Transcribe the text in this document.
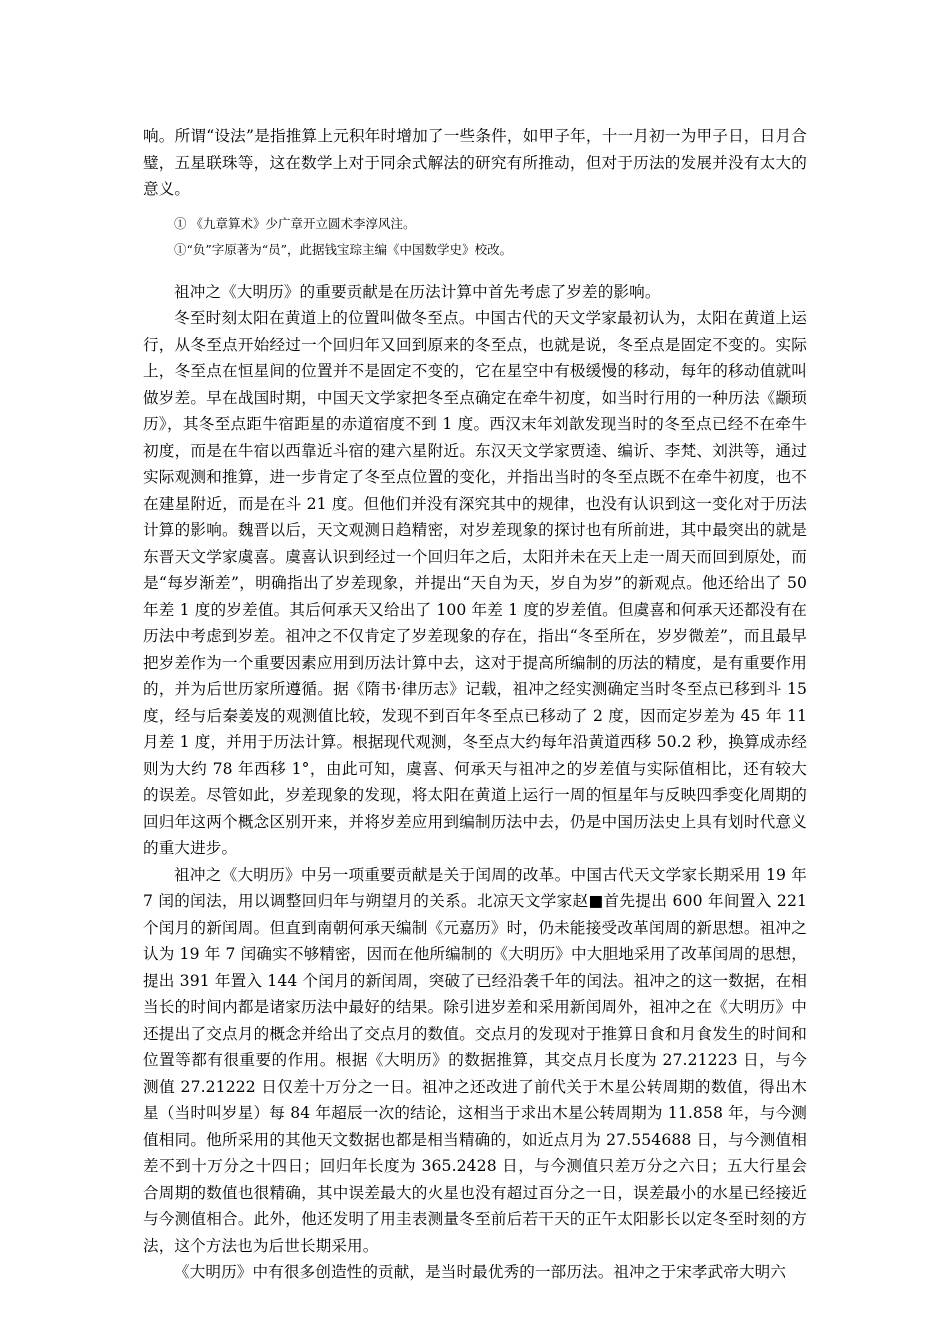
响。所谓“设法”是指推算上元积年时增加了一些条件，如甲子年，十一月初一为甲子日，日月合璧，五星联珠等，这在数学上对于同余式解法的研究有所推动，但对于历法的发展并没有太大的意义。

① 《九章算术》少广章开立圆术李淳风注。

①“负”字原著为“员”，此据钱宝琮主编《中国数学史》校改。

祖冲之《大明历》的重要贡献是在历法计算中首先考虑了岁差的影响。

冬至时刻太阳在黄道上的位置叫做冬至点。中国古代的天文学家最初认为，太阳在黄道上运行，从冬至点开始经过一个回归年又回到原来的冬至点，也就是说，冬至点是固定不变的。实际上，冬至点在恒星间的位置并不是固定不变的，它在星空中有极缓慢的移动，每年的移动值就叫做岁差。早在战国时期，中国天文学家把冬至点确定在牵牛初度，如当时行用的一种历法《颛顼历》，其冬至点距牛宿距星的赤道宿度不到 1 度。西汉末年刘歆发现当时的冬至点已经不在牵牛初度，而是在牛宿以西靠近斗宿的建六星附近。东汉天文学家贾逵、编䜣、李梵、刘洪等，通过实际观测和推算，进一步肯定了冬至点位置的变化，并指出当时的冬至点既不在牵牛初度，也不在建星附近，而是在斗 21 度。但他们并没有深究其中的规律，也没有认识到这一变化对于历法计算的影响。魏晋以后，天文观测日趋精密，对岁差现象的探讨也有所前进，其中最突出的就是东晋天文学家虞喜。虞喜认识到经过一个回归年之后，太阳并未在天上走一周天而回到原处，而是“每岁渐差”，明确指出了岁差现象，并提出“天自为天，岁自为岁”的新观点。他还给出了 50 年差 1 度的岁差值。其后何承天又给出了 100 年差 1 度的岁差值。但虞喜和何承天还都没有在历法中考虑到岁差。祖冲之不仅肯定了岁差现象的存在，指出“冬至所在，岁岁微差”，而且最早把岁差作为一个重要因素应用到历法计算中去，这对于提高所编制的历法的精度，是有重要作用的，并为后世历家所遵循。据《隋书·律历志》记载，祖冲之经实测确定当时冬至点已移到斗 15 度，经与后秦姜岌的观测值比较，发现不到百年冬至点已移动了 2 度，因而定岁差为 45 年 11 月差 1 度，并用于历法计算。根据现代观测，冬至点大约每年沿黄道西移 50.2 秒，换算成赤经则为大约 78 年西移 1°，由此可知，虞喜、何承天与祖冲之的岁差值与实际值相比，还有较大的误差。尽管如此，岁差现象的发现，将太阳在黄道上运行一周的恒星年与反映四季变化周期的回归年这两个概念区别开来，并将岁差应用到编制历法中去，仍是中国历法史上具有划时代意义的重大进步。

祖冲之《大明历》中另一项重要贡献是关于闰周的改革。中国古代天文学家长期采用 19 年 7 闰的闰法，用以调整回归年与朔望月的关系。北凉天文学家赵■首先提出 600 年间置入 221 个闰月的新闰周。但直到南朝何承天编制《元嘉历》时，仍未能接受改革闰周的新思想。祖冲之认为 19 年 7 闰确实不够精密，因而在他所编制的《大明历》中大胆地采用了改革闰周的思想，提出 391 年置入 144 个闰月的新闰周，突破了已经沿袭千年的闰法。祖冲之的这一数据，在相当长的时间内都是诸家历法中最好的结果。除引进岁差和采用新闰周外，祖冲之在《大明历》中还提出了交点月的概念并给出了交点月的数值。交点月的发现对于推算日食和月食发生的时间和位置等都有很重要的作用。根据《大明历》的数据推算，其交点月长度为 27.21223 日，与今测值 27.21222 日仅差十万分之一日。祖冲之还改进了前代关于木星公转周期的数值，得出木星（当时叫岁星）每 84 年超辰一次的结论，这相当于求出木星公转周期为 11.858 年，与今测值相同。他所采用的其他天文数据也都是相当精确的，如近点月为 27.554688 日，与今测值相差不到十万分之十四日；回归年长度为 365.2428 日，与今测值只差万分之六日；五大行星会合周期的数值也很精确，其中误差最大的火星也没有超过百分之一日，误差最小的水星已经接近与今测值相合。此外，他还发明了用圭表测量冬至前后若干天的正午太阳影长以定冬至时刻的方法，这个方法也为后世长期采用。

《大明历》中有很多创造性的贡献，是当时最优秀的一部历法。祖冲之于宋孝武帝大明六
